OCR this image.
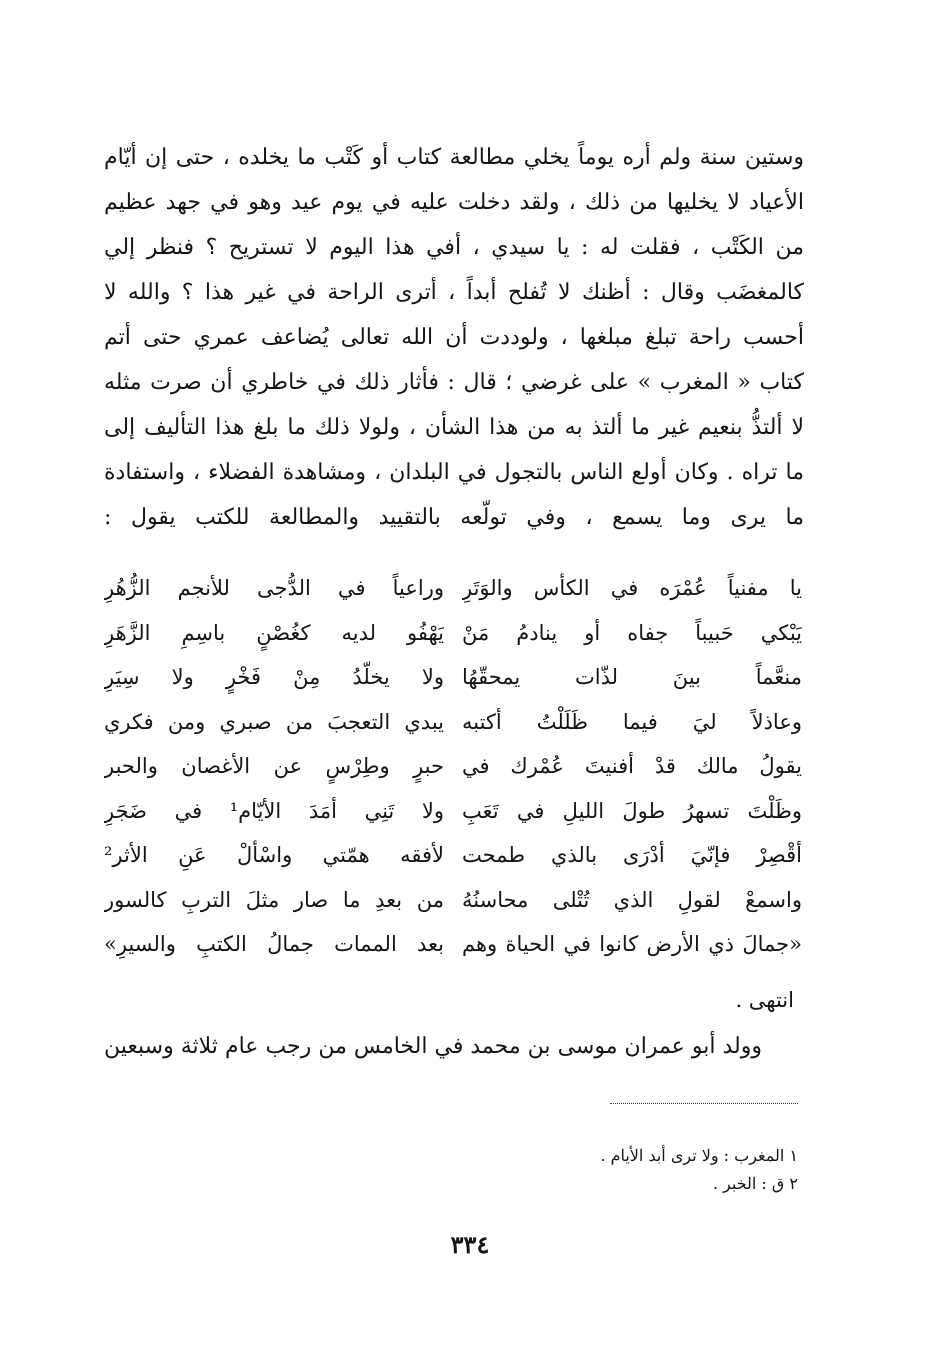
وستين سنة ولم أره يوماً يخلي مطالعة كتاب أو كَتْب ما يخلده ، حتى إن أيّام
الأعياد لا يخليها من ذلك ، ولقد دخلت عليه في يوم عيد وهو في جهد عظيم
من الكَتْب ، فقلت له : يا سيدي ، أفي هذا اليوم لا تستريح ؟ فنظر إلي
كالمغضَب وقال : أظنك لا تُفلح أبداً ، أترى الراحة في غير هذا ؟ والله لا
أحسب راحة تبلغ مبلغها ، ولوددت أن الله تعالى يُضاعف عمري حتى أتم
كتاب « المغرب » على غرضي ؛ قال : فأثار ذلك في خاطري أن صرت مثله
لا ألتذُّ بنعيم غير ما ألتذ به من هذا الشأن ، ولولا ذلك ما بلغ هذا التأليف إلى
ما تراه . وكان أولع الناس بالتجول في البلدان ، ومشاهدة الفضلاء ، واستفادة
ما يرى وما يسمع ، وفي تولّعه بالتقييد والمطالعة للكتب يقول :
يا مفنياً عُمْرَه في الكأس والوَتَرِ
يَبْكي حَبيباً جفاه أو ينادمُ مَنْ
منعَّماً بينَ لذّات يمحقّهُا
وعاذلاً ليَ فيما ظَلَلْتُ أكتبه
يقولُ مالك قدْ أفنيتَ عُمْرك في
وظَلْتَ تسهرُ طولَ الليلِ في تَعَبِ
أقْصِرْ فإنّيَ أدْرَى بالذي طمحت
واسمعْ لقولِ الذي تُتْلى محاسنُهُ
«جمالَ ذي الأرض كانوا في الحياة وهم
وراعياً في الدُّجى للأنجم الزُّهُرِ
يَهْفُو لديه كغُصْنٍ باسِمِ الزَّهَرِ
ولا يخلّدُ مِنْ فَخْرٍ ولا سِيَرِ
يبدي التعجبَ من صبري ومن فكري
حبرٍ وطِرْسٍ عن الأغصان والحبر
ولا تَنِي أمَدَ الأيّام¹ في ضَجَرِ
لأفقه همّتي واسْألْ عَنِ الأثر²
من بعدِ ما صار مثلَ التربِ كالسور
بعد الممات جمالُ الكتبِ والسيرِ»
انتهى .
وولد أبو عمران موسى بن محمد في الخامس من رجب عام ثلاثة وسبعين
١ المغرب : ولا ترى أبد الأيام .
٢ ق : الخبر .
٣٣٤
